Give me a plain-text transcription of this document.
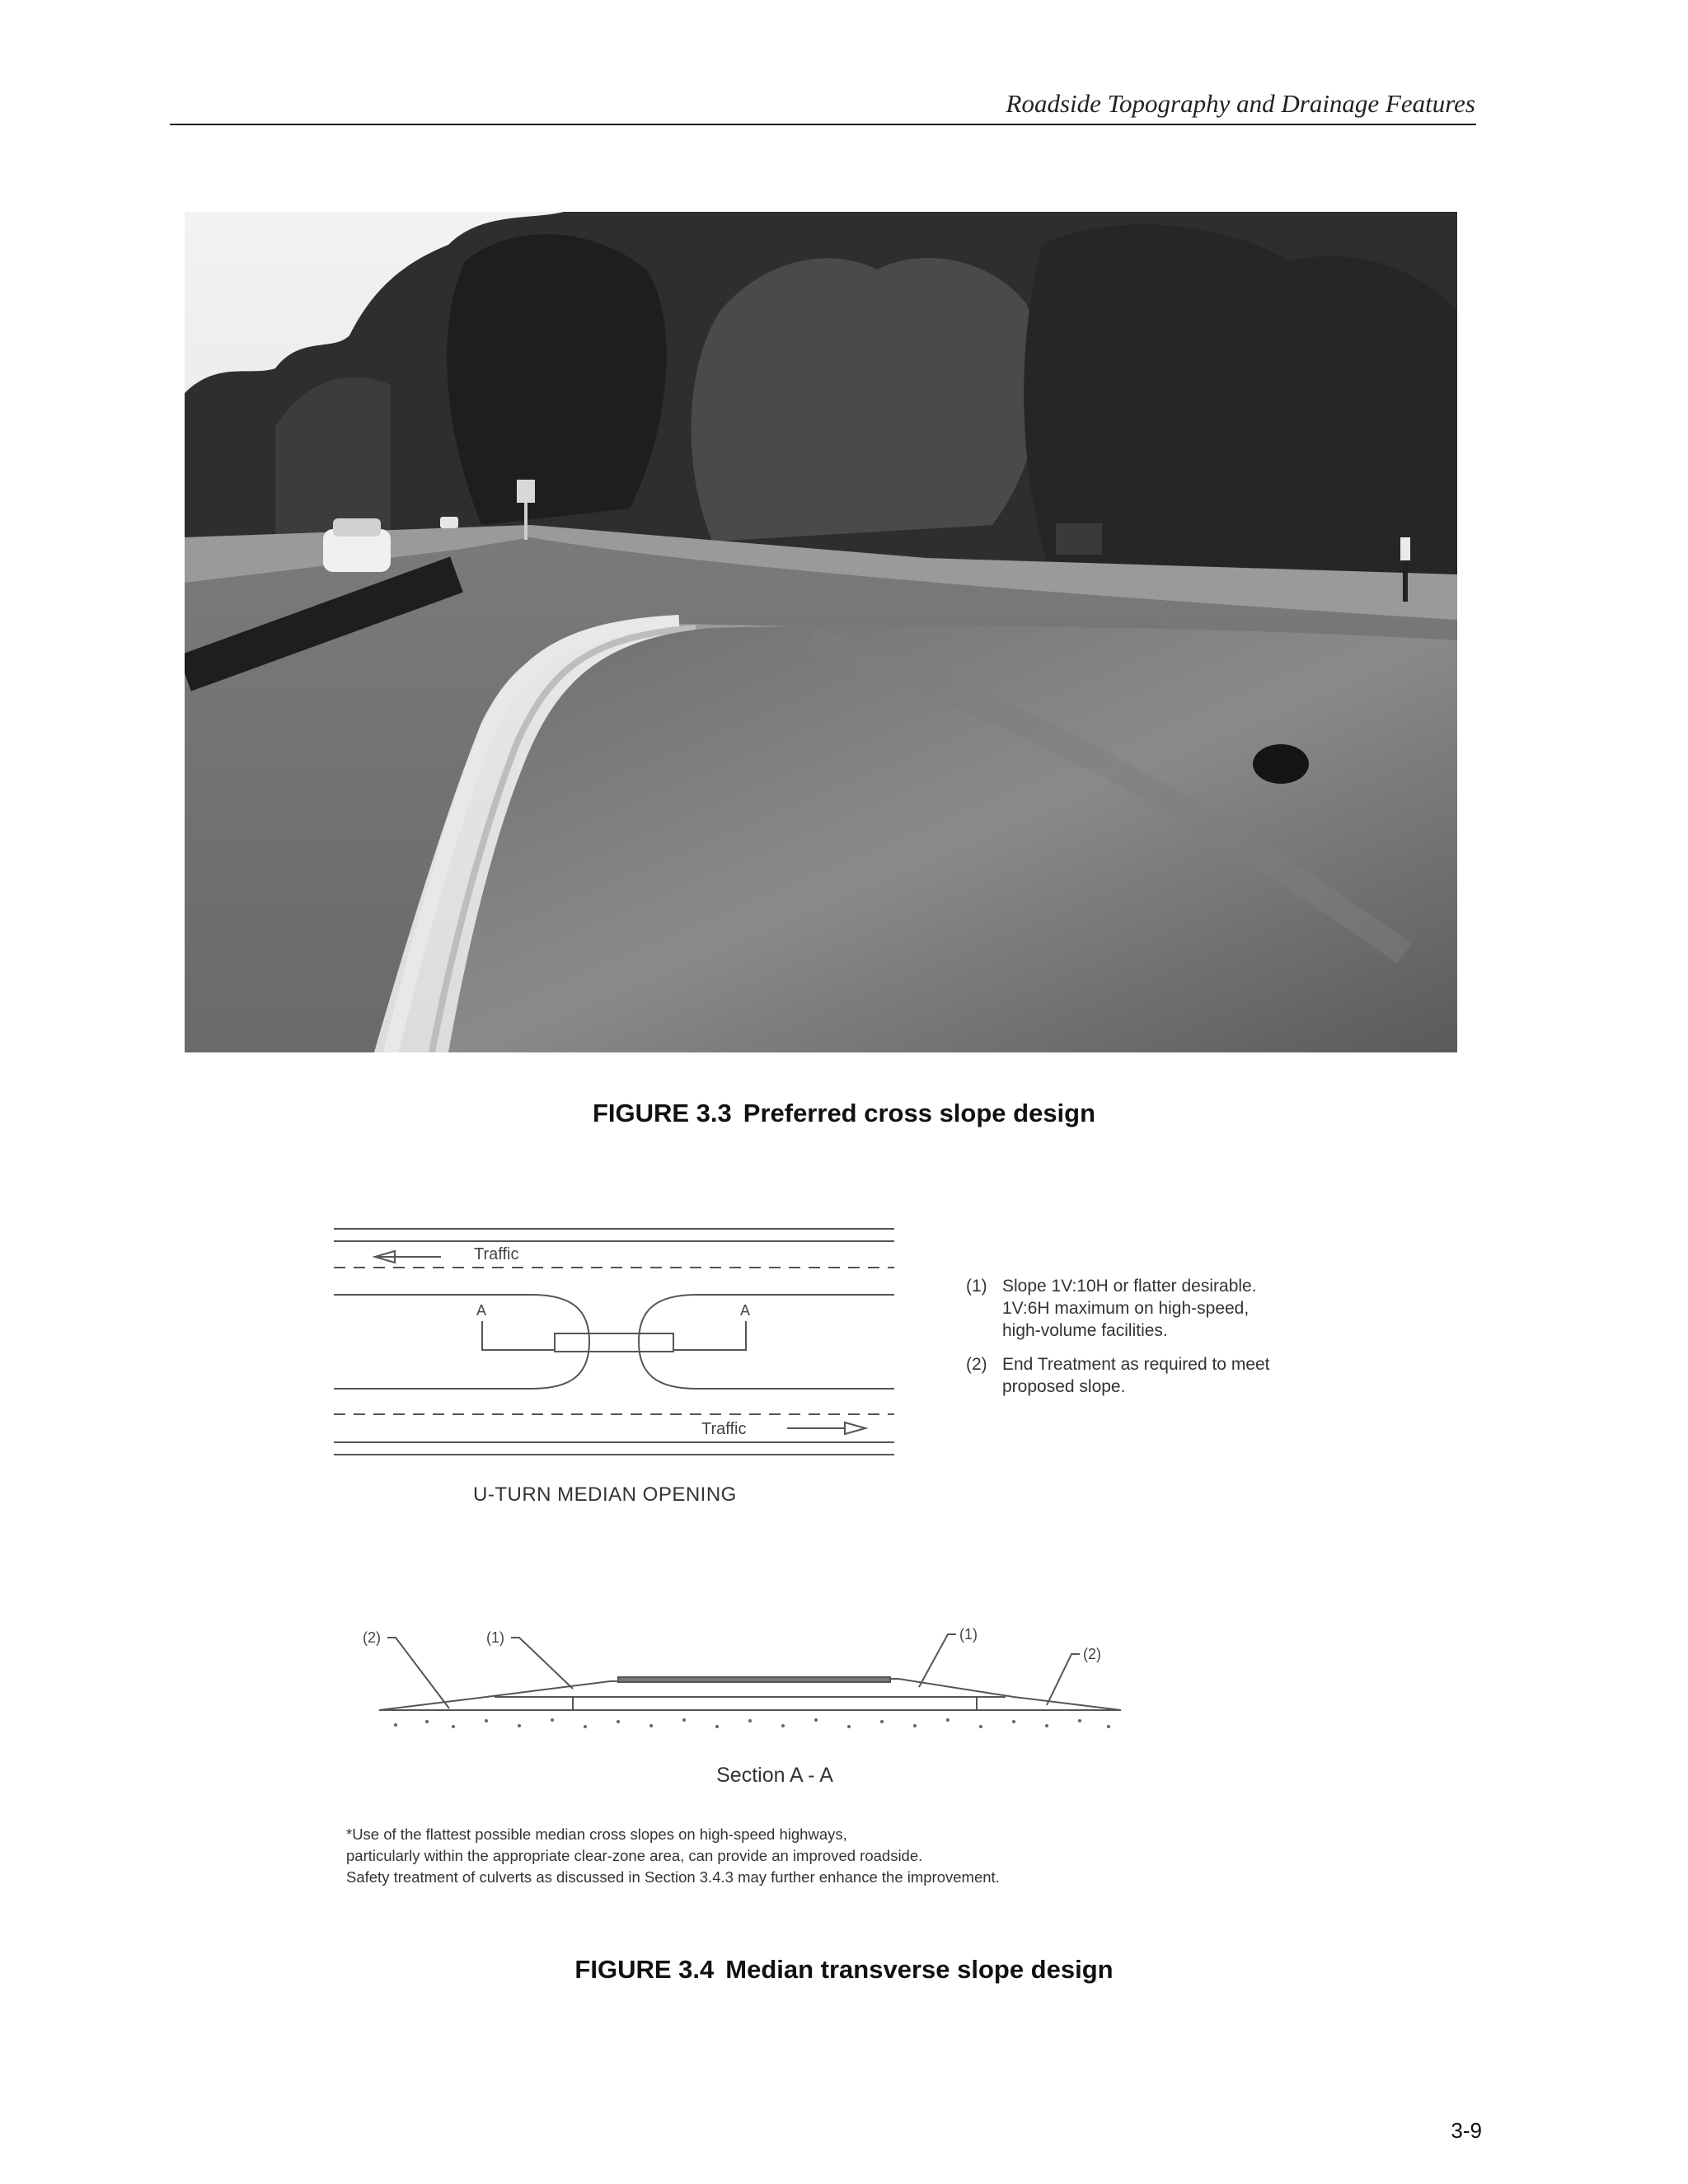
Roadside Topography and Drainage Features
FIGURE 3.3 Preferred cross slope design
Traffic
Traffic
A	A
U-TURN MEDIAN OPENING
(1) Slope 1V:10H or flatter desirable.
1V:6H maximum on high-speed,
high-volume facilities.
(2) End Treatment as required to meet
proposed slope.
(2)	(1)	(1)
(2)
Section A - A
*Use of the flattest possible median cross slopes on high-speed highways,
particularly within the appropriate clear-zone area, can provide an improved roadside.
Safety treatment of culverts as discussed in Section 3.4.3 may further enhance the improvement.
FIGURE 3.4 Median transverse slope design
3-9
